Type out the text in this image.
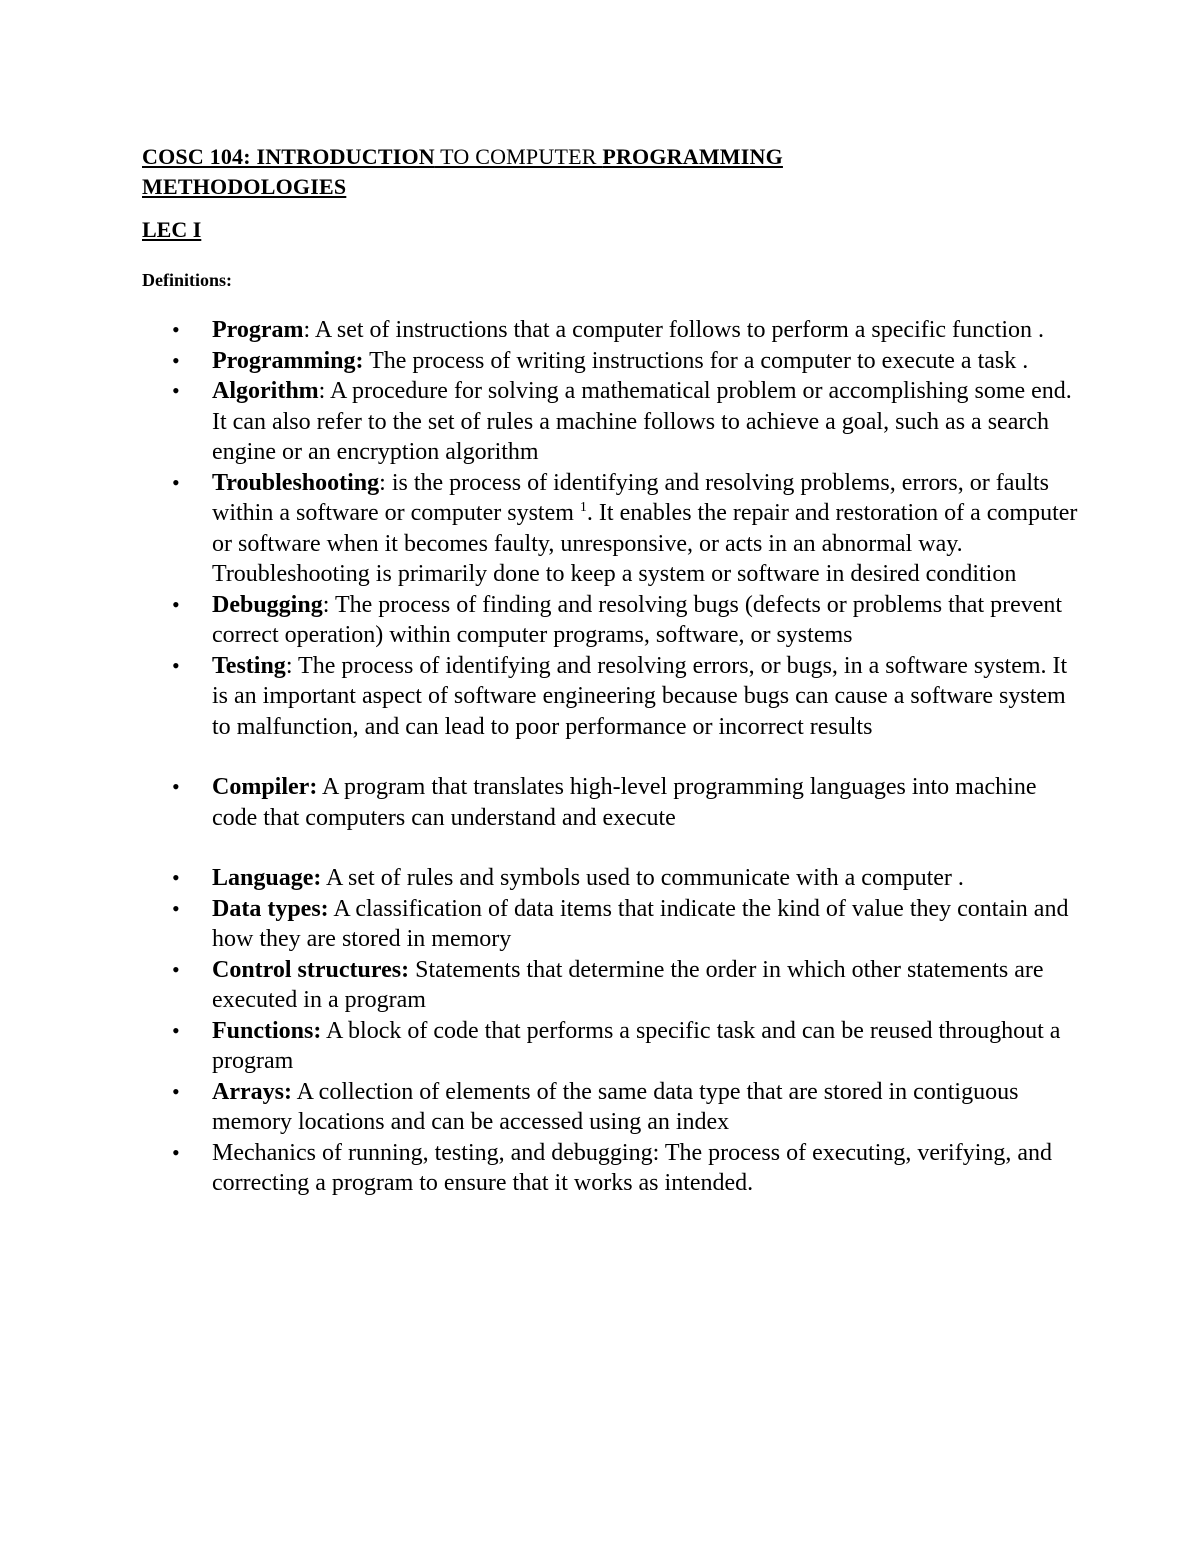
COSC 104: INTRODUCTION TO COMPUTER PROGRAMMING METHODOLOGIES
LEC I

Definitions:

• Program: A set of instructions that a computer follows to perform a specific function .
• Programming: The process of writing instructions for a computer to execute a task .
• Algorithm: A procedure for solving a mathematical problem or accomplishing some end. It can also refer to the set of rules a machine follows to achieve a goal, such as a search engine or an encryption algorithm
• Troubleshooting: is the process of identifying and resolving problems, errors, or faults within a software or computer system $^1$. It enables the repair and restoration of a computer or software when it becomes faulty, unresponsive, or acts in an abnormal way. Troubleshooting is primarily done to keep a system or software in desired condition
• Debugging: The process of finding and resolving bugs (defects or problems that prevent correct operation) within computer programs, software, or systems
• Testing: The process of identifying and resolving errors, or bugs, in a software system. It is an important aspect of software engineering because bugs can cause a software system to malfunction, and can lead to poor performance or incorrect results
• Compiler: A program that translates high-level programming languages into machine code that computers can understand and execute
• Language: A set of rules and symbols used to communicate with a computer .
• Data types: A classification of data items that indicate the kind of value they contain and how they are stored in memory
• Control structures: Statements that determine the order in which other statements are executed in a program
• Functions: A block of code that performs a specific task and can be reused throughout a program
• Arrays: A collection of elements of the same data type that are stored in contiguous memory locations and can be accessed using an index
• Mechanics of running, testing, and debugging: The process of executing, verifying, and correcting a program to ensure that it works as intended.
